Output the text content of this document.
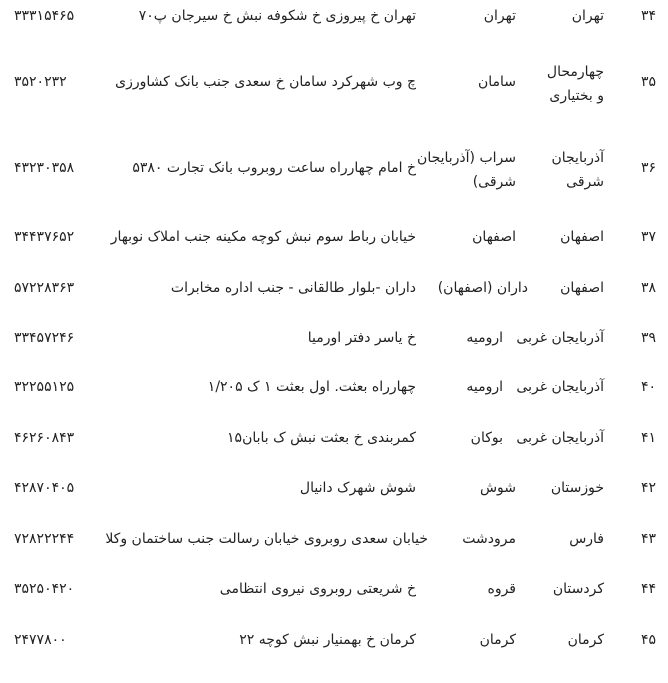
۳۴
تهران
تهران
تهران خ پیروزی خ شکوفه نبش خ سیرجان پ۷۰
۳۳۳۱۵۴۶۵
۳۵
چهارمحال و بختیاری
سامان
چ وب شهرکرد سامان خ سعدی جنب بانک کشاورزی
۳۵۲۰۲۳۲
۳۶
آذربایجان شرقی
سراب (آذربایجان شرقی)
خ امام چهارراه ساعت روبروب بانک تجارت ۵۳۸۰
۴۳۲۳۰۳۵۸
۳۷
اصفهان
اصفهان
خیابان رباط سوم نبش کوچه مکینه جنب املاک نوبهار
۳۴۴۳۷۶۵۲
۳۸
اصفهان
داران (اصفهان)
داران -بلوار طالقانی - جنب اداره مخابرات
۵۷۲۲۸۳۶۳
۳۹
آذربایجان غربی
ارومیه
خ یاسر دفتر اورمیا
۳۳۴۵۷۲۴۶
۴۰
آذربایجان غربی
ارومیه
چهارراه بعثت. اول بعثت ۱ ک ۱/۲۰۵
۳۲۲۵۵۱۲۵
۴۱
آذربایجان غربی
بوکان
کمربندی خ بعثت نبش ک بابان۱۵
۴۶۲۶۰۸۴۳
۴۲
خوزستان
شوش
شوش شهرک دانیال
۴۲۸۷۰۴۰۵
۴۳
فارس
مرودشت
خیابان سعدی روبروی خیابان رسالت جنب ساختمان وکلا
۷۲۸۲۲۲۴۴
۴۴
کردستان
قروه
خ شریعتی روبروی نیروی انتظامی
۳۵۲۵۰۴۲۰
۴۵
کرمان
کرمان
کرمان خ بهمنیار نبش کوچه ۲۲
۲۴۷۷۸۰۰
